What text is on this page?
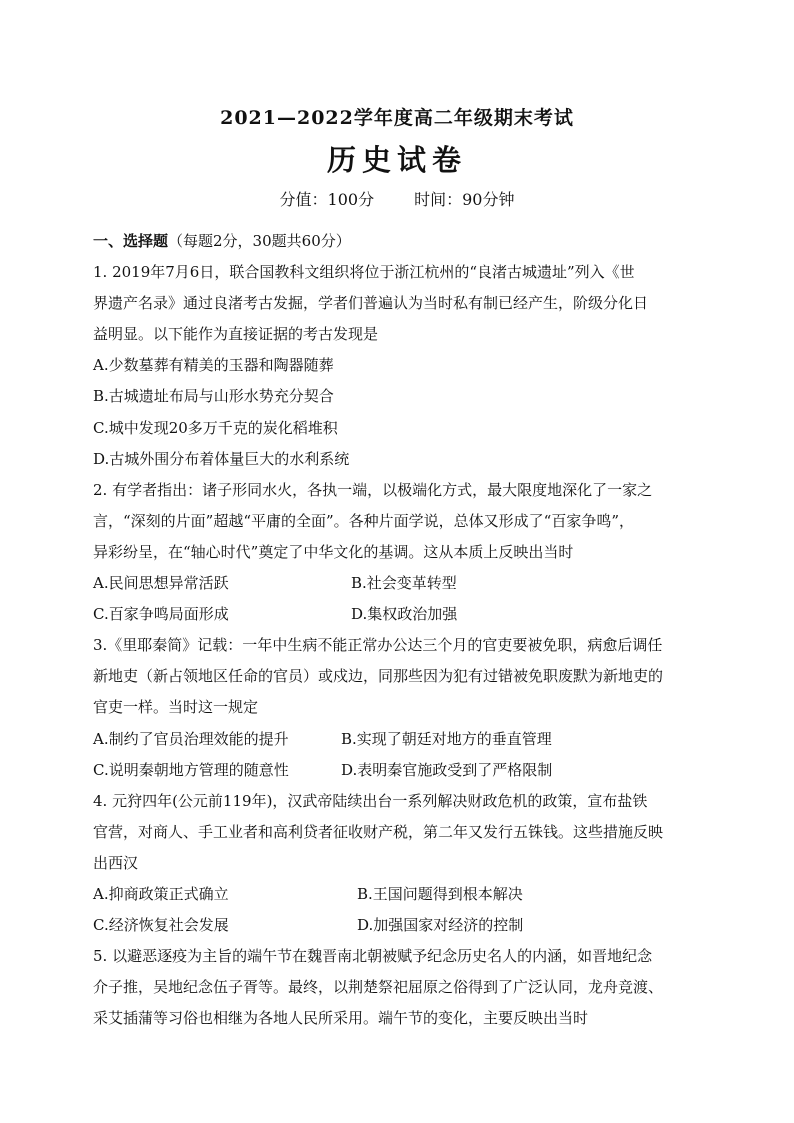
2021—2022学年度高二年级期末考试
历史试卷
分值：100分	时间：90分钟
一、选择题（每题2分，30题共60分）

1. 2019年7月6日，联合国教科文组织将位于浙江杭州的“良渚古城遗址”列入《世

界遗产名录》通过良渚考古发掘，学者们普遍认为当时私有制已经产生，阶级分化日

益明显。以下能作为直接证据的考古发现是

A.少数墓葬有精美的玉器和陶器随葬

B.古城遗址布局与山形水势充分契合

C.城中发现20多万千克的炭化稻堆积

D.古城外围分布着体量巨大的水利系统

2. 有学者指出：诸子形同水火，各执一端，以极端化方式，最大限度地深化了一家之

言，“深刻的片面”超越“平庸的全面”。各种片面学说，总体又形成了“百家争鸣”，

异彩纷呈，在“轴心时代”奠定了中华文化的基调。这从本质上反映出当时

A.民间思想异常活跃	B.社会变革转型
C.百家争鸣局面形成	D.集权政治加强

3.《里耶秦简》记载：一年中生病不能正常办公达三个月的官吏要被免职，病愈后调任

新地吏（新占领地区任命的官员）或戍边，同那些因为犯有过错被免职废默为新地吏的

官吏一样。当时这一规定

A.制约了官员治理效能的提升	B.实现了朝廷对地方的垂直管理
C.说明秦朝地方管理的随意性	D.表明秦官施政受到了严格限制

4. 元狩四年(公元前119年)，汉武帝陆续出台一系列解决财政危机的政策，宣布盐铁

官营，对商人、手工业者和高利贷者征收财产税，第二年又发行五铢钱。这些措施反映

出西汉

A.抑商政策正式确立	B.王国问题得到根本解决
C.经济恢复社会发展	D.加强国家对经济的控制

5. 以避恶逐疫为主旨的端午节在魏晋南北朝被赋予纪念历史名人的内涵，如晋地纪念

介子推，吴地纪念伍子胥等。最终，以荆楚祭祀屈原之俗得到了广泛认同，龙舟竞渡、

采艾插蒲等习俗也相继为各地人民所采用。端午节的变化，主要反映出当时
